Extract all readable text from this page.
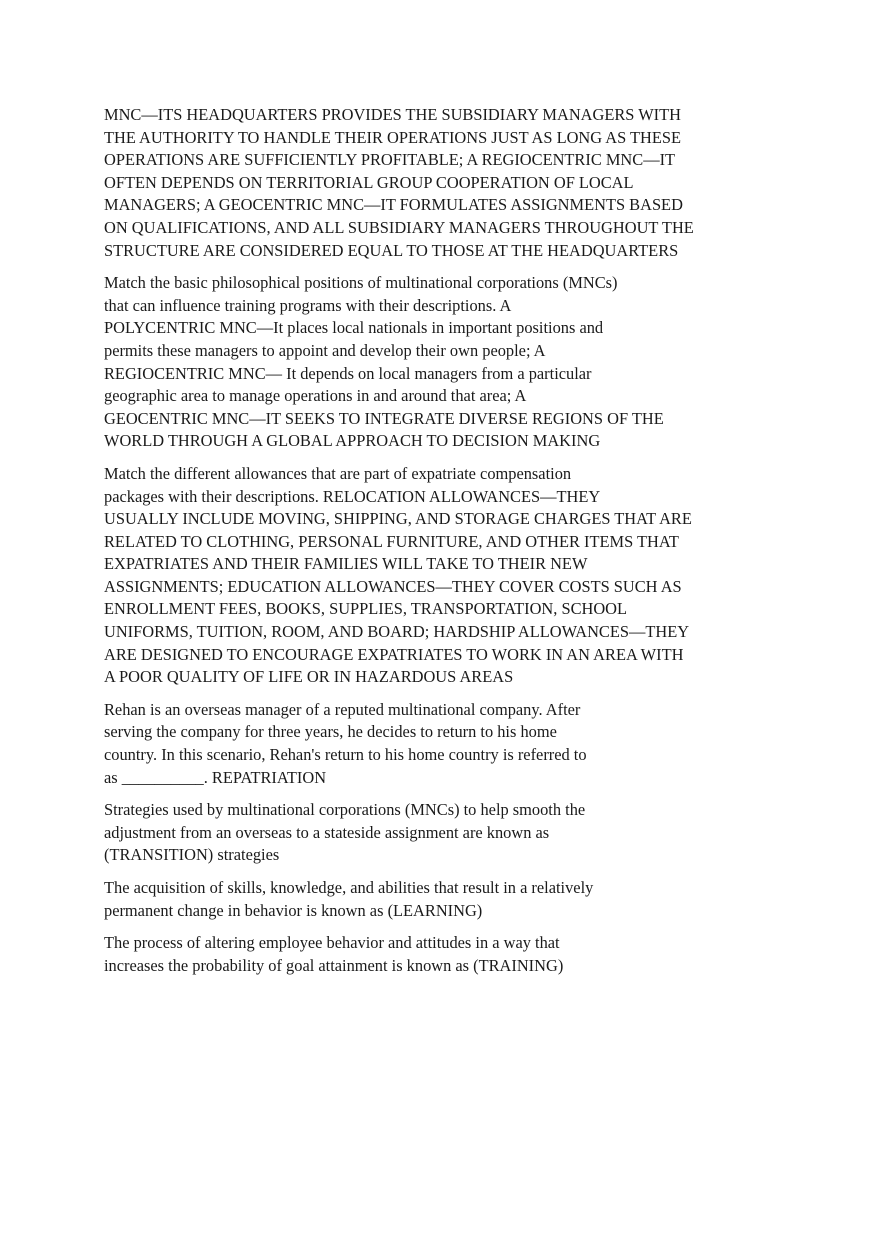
MNC—ITS HEADQUARTERS PROVIDES THE SUBSIDIARY MANAGERS WITH
THE AUTHORITY TO HANDLE THEIR OPERATIONS JUST AS LONG AS THESE
OPERATIONS ARE SUFFICIENTLY PROFITABLE; A REGIOCENTRIC MNC—IT
OFTEN DEPENDS ON TERRITORIAL GROUP COOPERATION OF LOCAL
MANAGERS; A GEOCENTRIC MNC—IT FORMULATES ASSIGNMENTS BASED
ON QUALIFICATIONS, AND ALL SUBSIDIARY MANAGERS THROUGHOUT THE
STRUCTURE ARE CONSIDERED EQUAL TO THOSE AT THE HEADQUARTERS
Match the basic philosophical positions of multinational corporations (MNCs)
that can influence training programs with their descriptions. A
POLYCENTRIC MNC—It places local nationals in important positions and
permits these managers to appoint and develop their own people; A
REGIOCENTRIC MNC— It depends on local managers from a particular
geographic area to manage operations in and around that area; A
GEOCENTRIC MNC—IT SEEKS TO INTEGRATE DIVERSE REGIONS OF THE
WORLD THROUGH A GLOBAL APPROACH TO DECISION MAKING
Match the different allowances that are part of expatriate compensation
packages with their descriptions. RELOCATION ALLOWANCES—THEY
USUALLY INCLUDE MOVING, SHIPPING, AND STORAGE CHARGES THAT ARE
RELATED TO CLOTHING, PERSONAL FURNITURE, AND OTHER ITEMS THAT
EXPATRIATES AND THEIR FAMILIES WILL TAKE TO THEIR NEW
ASSIGNMENTS; EDUCATION ALLOWANCES—THEY COVER COSTS SUCH AS
ENROLLMENT FEES, BOOKS, SUPPLIES, TRANSPORTATION, SCHOOL
UNIFORMS, TUITION, ROOM, AND BOARD; HARDSHIP ALLOWANCES—THEY
ARE DESIGNED TO ENCOURAGE EXPATRIATES TO WORK IN AN AREA WITH
A POOR QUALITY OF LIFE OR IN HAZARDOUS AREAS
Rehan is an overseas manager of a reputed multinational company. After
serving the company for three years, he decides to return to his home
country. In this scenario, Rehan's return to his home country is referred to
as __________. REPATRIATION
Strategies used by multinational corporations (MNCs) to help smooth the
adjustment from an overseas to a stateside assignment are known as
(TRANSITION) strategies
The acquisition of skills, knowledge, and abilities that result in a relatively
permanent change in behavior is known as (LEARNING)
The process of altering employee behavior and attitudes in a way that
increases the probability of goal attainment is known as (TRAINING)
